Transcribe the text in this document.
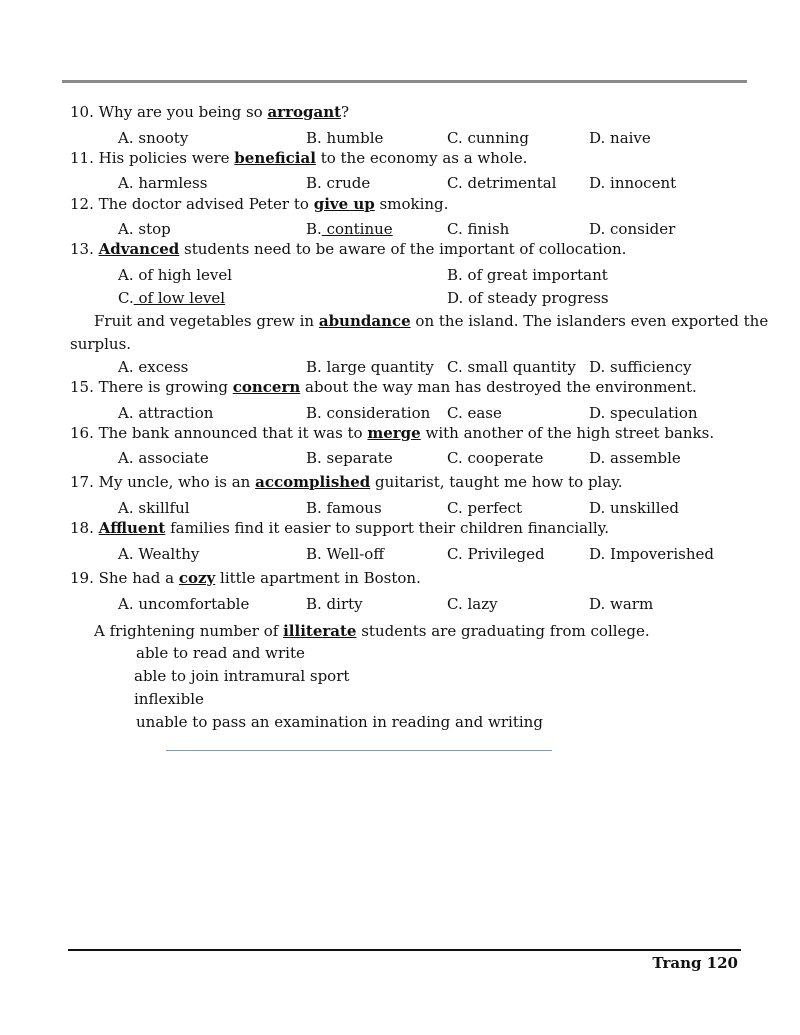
10. Why are you being so arrogant?
A. snooty	B. humble	C. cunning	D. naive
11. His policies were beneficial to the economy as a whole.
A. harmless	B. crude	C. detrimental D. innocent
12. The doctor advised Peter to give up smoking.
A. stop	B. continue	C. finish	D. consider
13. Advanced students need to be aware of the important of collocation.
A. of high level	B. of great important
C. of low level	D. of steady progress
Fruit and vegetables grew in abundance on the island. The islanders even exported the
surplus.
A. excess	B. large quantity C. small quantity D. sufficiency
15. There is growing concern about the way man has destroyed the environment.
A. attraction	B. consideration C. ease	D. speculation
16. The bank announced that it was to merge with another of the high street banks.
A. associate	B. separate	C. cooperate	D. assemble
17. My uncle, who is an accomplished guitarist, taught me how to play.
A. skillful	B. famous	C. perfect	D. unskilled
18. Affluent families find it easier to support their children financially.
A. Wealthy	B. Well-off	C. Privileged	D. Impoverished
19. She had a cozy little apartment in Boston.
A. uncomfortable	B. dirty	C. lazy	D. warm
A frightening number of illiterate students are graduating from college.
able to read and write
able to join intramural sport
inflexible
unable to pass an examination in reading and writing
Trang 120
